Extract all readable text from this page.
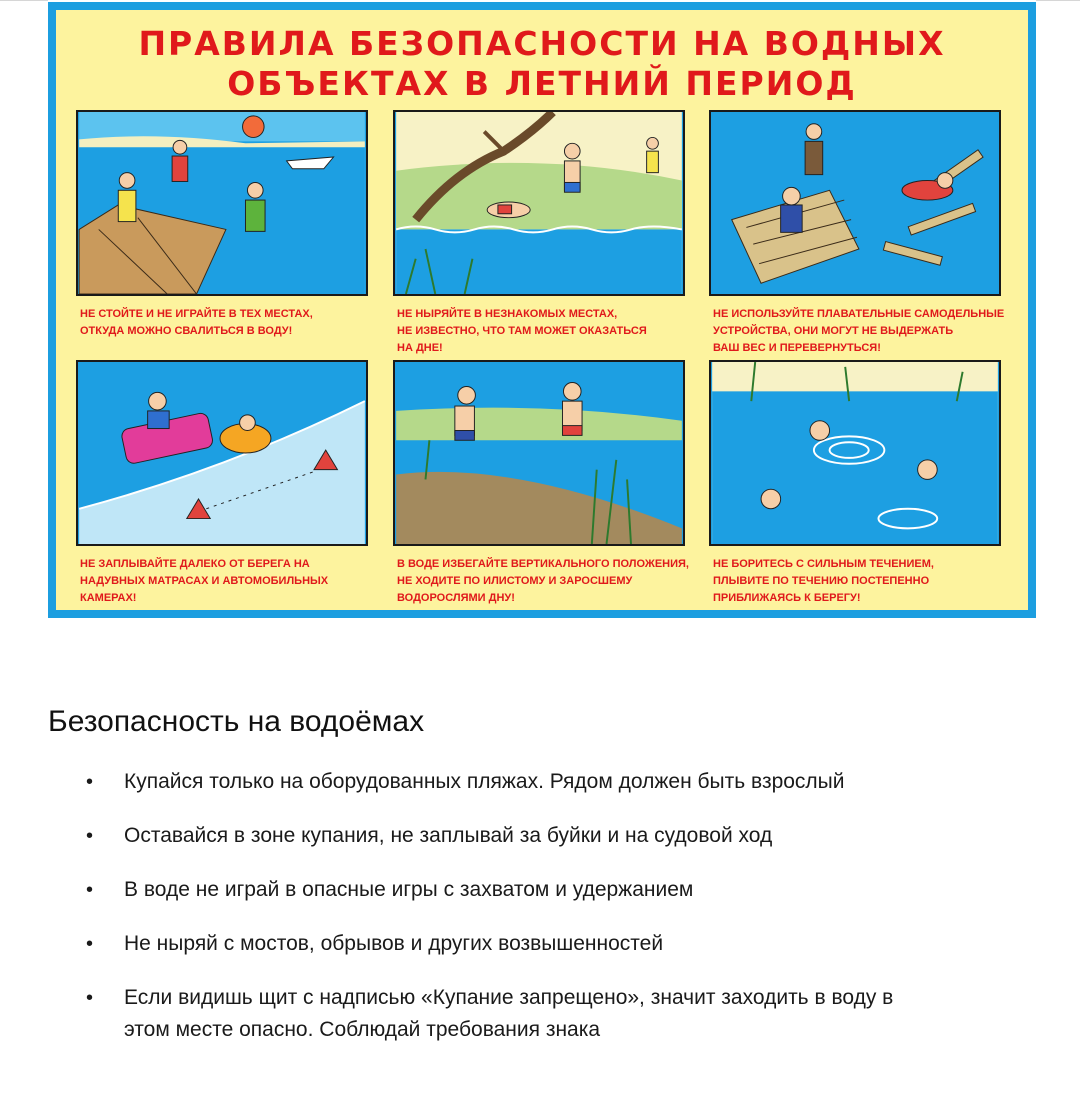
ПРАВИЛА БЕЗОПАСНОСТИ НА ВОДНЫХ
ОБЪЕКТАХ В ЛЕТНИЙ ПЕРИОД
НЕ СТОЙТЕ И НЕ ИГРАЙТЕ В ТЕХ МЕСТАХ,
ОТКУДА МОЖНО СВАЛИТЬСЯ В ВОДУ!
НЕ НЫРЯЙТЕ В НЕЗНАКОМЫХ МЕСТАХ,
НЕ ИЗВЕСТНО, ЧТО ТАМ МОЖЕТ ОКАЗАТЬСЯ
НА ДНЕ!
НЕ ИСПОЛЬЗУЙТЕ ПЛАВАТЕЛЬНЫЕ САМОДЕЛЬНЫЕ
УСТРОЙСТВА, ОНИ МОГУТ НЕ ВЫДЕРЖАТЬ
ВАШ ВЕС И ПЕРЕВЕРНУТЬСЯ!
НЕ ЗАПЛЫВАЙТЕ ДАЛЕКО ОТ БЕРЕГА НА
НАДУВНЫХ МАТРАСАХ И АВТОМОБИЛЬНЫХ
КАМЕРАХ!
В ВОДЕ ИЗБЕГАЙТЕ ВЕРТИКАЛЬНОГО ПОЛОЖЕНИЯ,
НЕ ХОДИТЕ ПО ИЛИСТОМУ И ЗАРОСШЕМУ
ВОДОРОСЛЯМИ ДНУ!
НЕ БОРИТЕСЬ С СИЛЬНЫМ ТЕЧЕНИЕМ,
ПЛЫВИТЕ ПО ТЕЧЕНИЮ ПОСТЕПЕННО
ПРИБЛИЖАЯСЬ К БЕРЕГУ!
Безопасность на водоёмах
• Купайся только на оборудованных пляжах. Рядом должен быть взрослый
• Оставайся в зоне купания, не заплывай за буйки и на судовой ход
• В воде не играй в опасные игры с захватом и удержанием
• Не ныряй с мостов, обрывов и других возвышенностей
• Если видишь щит с надписью «Купание запрещено», значит заходить в воду в
этом месте опасно. Соблюдай требования знака
